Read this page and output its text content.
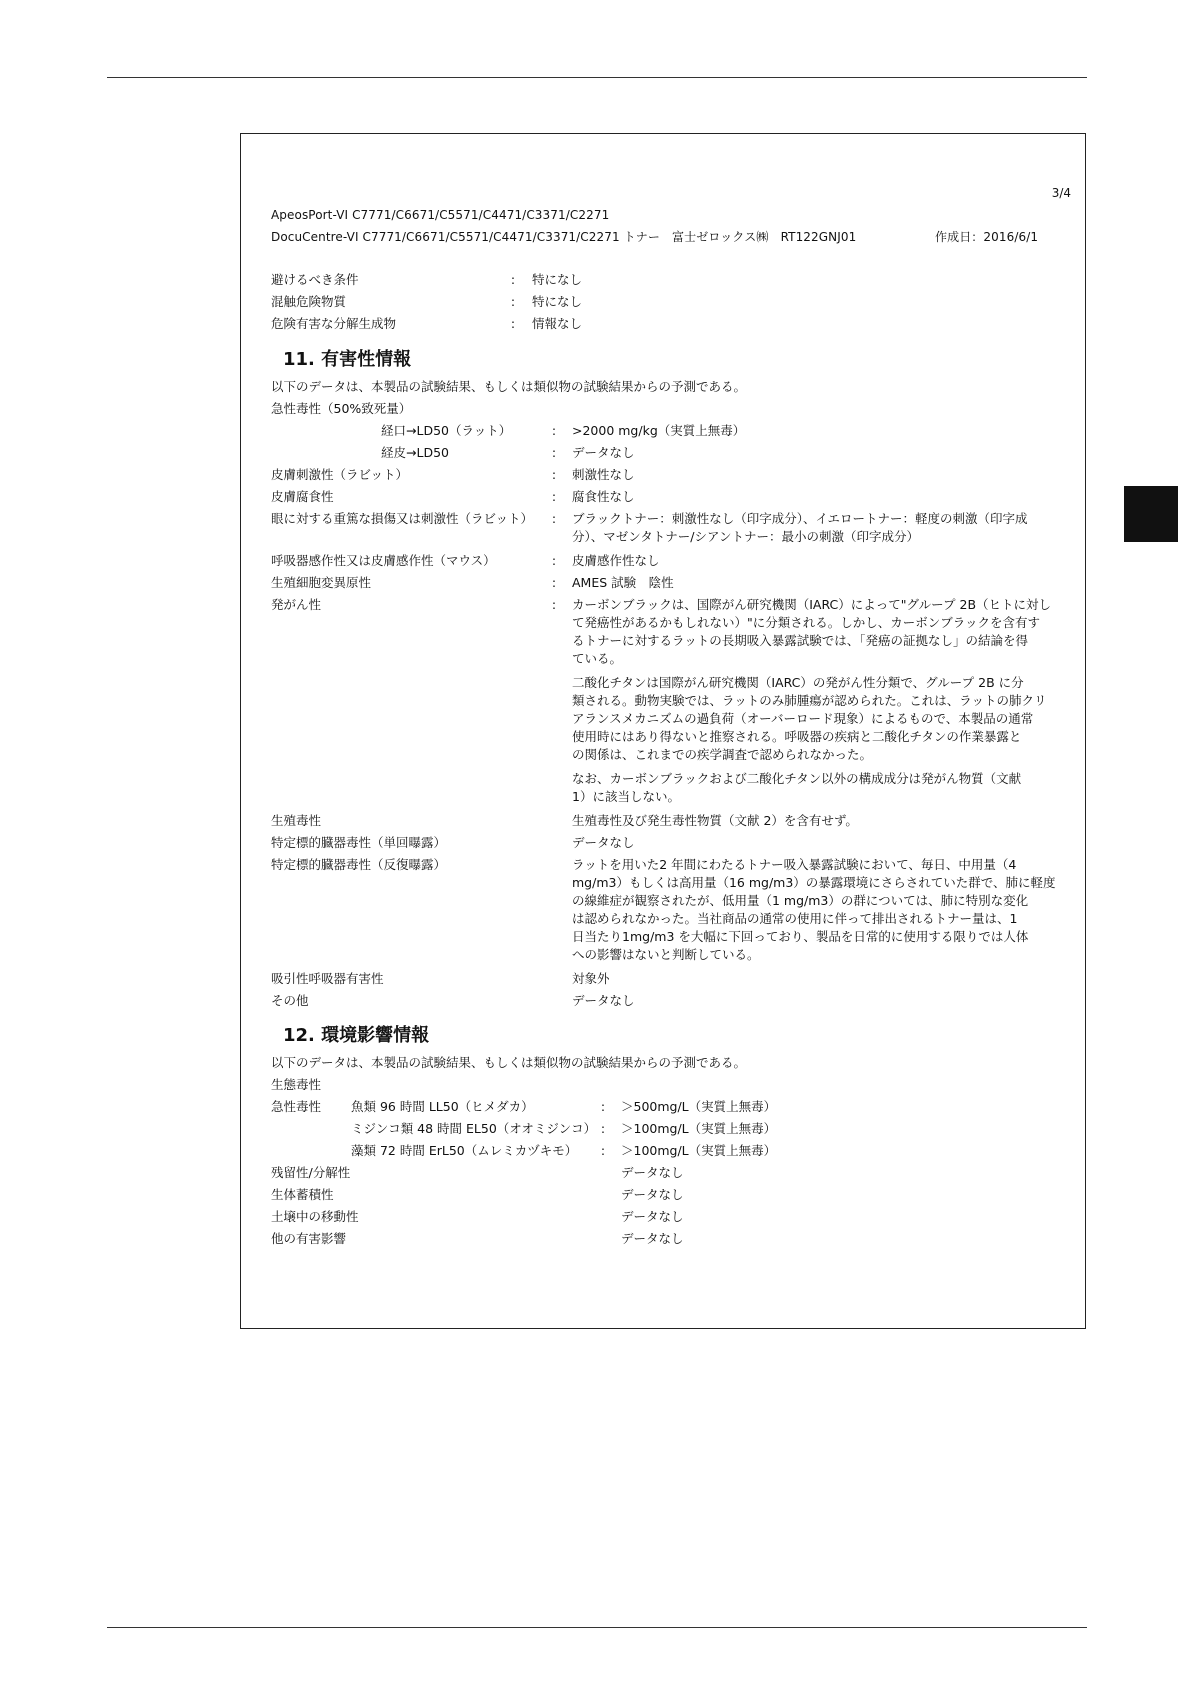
3/4
ApeosPort-VI C7771/C6671/C5571/C4471/C3371/C2271
DocuCentre-VI C7771/C6671/C5571/C4471/C3371/C2271 トナー　富士ゼロックス㈱　RT122GNJ01	作成日：2016/6/1
避けるべき条件	: 特になし
混触危険物質	: 特になし
危険有害な分解生成物	: 情報なし
11. 有害性情報
以下のデータは、本製品の試験結果、もしくは類似物の試験結果からの予測である。
急性毒性（50%致死量）
経口→LD50（ラット）	: >2000 mg/kg（実質上無毒）
経皮→LD50	: データなし
皮膚刺激性（ラビット）	: 刺激性なし
皮膚腐食性	: 腐食性なし
眼に対する重篤な損傷又は刺激性（ラビット） : ブラックトナー：刺激性なし（印字成分）、イエロートナー：軽度の刺激（印字成
分）、マゼンタトナー/シアントナー：最小の刺激（印字成分）
呼吸器感作性又は皮膚感作性（マウス）	: 皮膚感作性なし
生殖細胞変異原性	: AMES 試験　陰性
発がん性	: カーボンブラックは、国際がん研究機関（IARC）によって"グループ 2B（ヒトに対し
て発癌性があるかもしれない）"に分類される。しかし、カーボンブラックを含有す
るトナーに対するラットの長期吸入暴露試験では、「発癌の証拠なし」の結論を得
ている。
二酸化チタンは国際がん研究機関（IARC）の発がん性分類で、グループ 2B に分
類される。動物実験では、ラットのみ肺腫瘍が認められた。これは、ラットの肺クリ
アランスメカニズムの過負荷（オーバーロード現象）によるもので、本製品の通常
使用時にはあり得ないと推察される。呼吸器の疾病と二酸化チタンの作業暴露と
の関係は、これまでの疾学調査で認められなかった。
なお、カーボンブラックおよび二酸化チタン以外の構成成分は発がん物質（文献
1）に該当しない。
生殖毒性	生殖毒性及び発生毒性物質（文献 2）を含有せず。
特定標的臓器毒性（単回曝露）	データなし
特定標的臓器毒性（反復曝露）	ラットを用いた2 年間にわたるトナー吸入暴露試験において、毎日、中用量（4
mg/m3）もしくは高用量（16 mg/m3）の暴露環境にさらされていた群で、肺に軽度
の線維症が観察されたが、低用量（1 mg/m3）の群については、肺に特別な変化
は認められなかった。当社商品の通常の使用に伴って排出されるトナー量は、1
日当たり1mg/m3 を大幅に下回っており、製品を日常的に使用する限りでは人体
への影響はないと判断している。
吸引性呼吸器有害性	対象外
その他	データなし
12. 環境影響情報
以下のデータは、本製品の試験結果、もしくは類似物の試験結果からの予測である。
生態毒性
急性毒性 魚類 96 時間 LL50（ヒメダカ）	: ＞500mg/L（実質上無毒）
ミジンコ類 48 時間 EL50（オオミジンコ） : ＞100mg/L（実質上無毒）
藻類 72 時間 ErL50（ムレミカヅキモ） : ＞100mg/L（実質上無毒）
残留性/分解性	データなし
生体蓄積性	データなし
土壌中の移動性	データなし
他の有害影響	データなし
